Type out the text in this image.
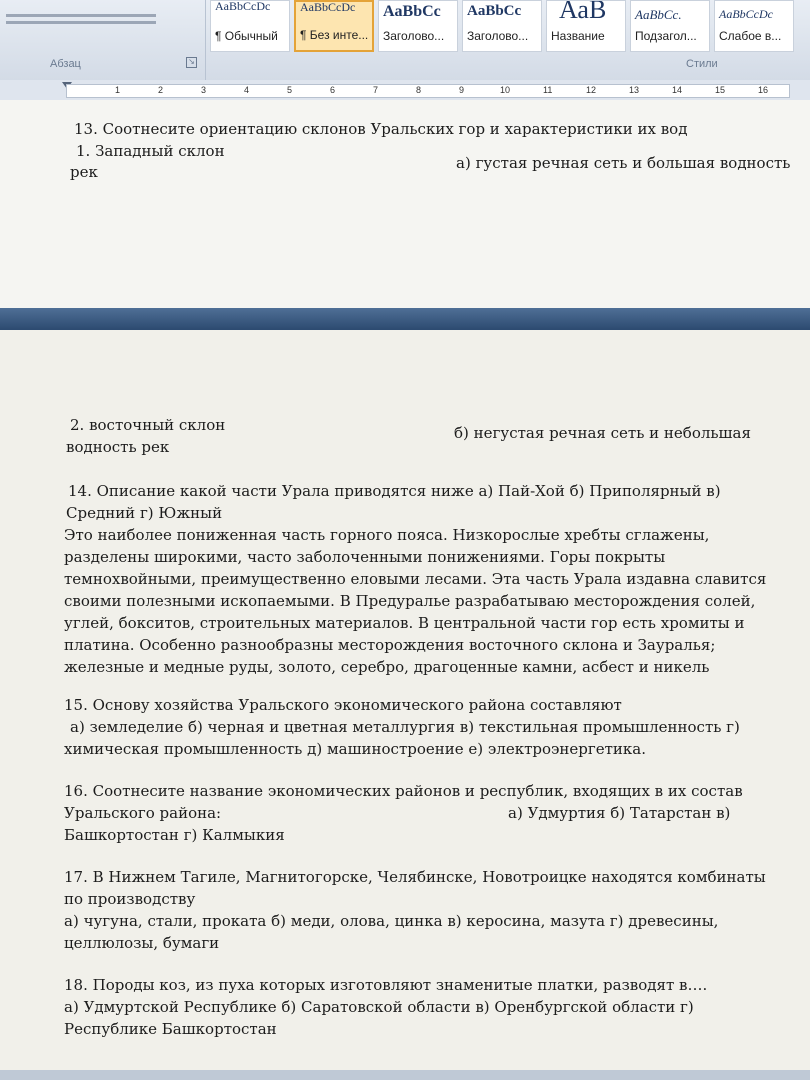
Абзац	↘
AaBbCcDc
¶ Обычный
AaBbCcDc
¶ Без инте...
AaBbCc
Заголово...
AaBbCc
Заголово...
АаВ
Название
AaBbCc.
Подзагол...
AaBbCcDc
Слабое в...
Стили
1	2	3	4	5	6	7	8	9	10	11	12	13	14	15	16
13. Соотнесите ориентацию склонов Уральских гор и характеристики их вод
1. Западный склон
а) густая речная сеть и большая водность
рек
2. восточный склон	б) негустая речная сеть и небольшая
водность рек
14. Описание какой части Урала приводятся ниже а) Пай-Хой б) Приполярный в)
Средний г) Южный

Это наиболее пониженная часть горного пояса. Низкорослые хребты сглажены, разделены широкими, часто заболоченными понижениями. Горы покрыты темнохвойными, преимущественно еловыми лесами. Эта часть Урала издавна славится своими полезными ископаемыми. В Предуралье разрабатываю месторождения солей, углей, бокситов, строительных материалов. В центральной части гор есть хромиты и платина. Особенно разнообразны месторождения восточного склона и Зауралья; железные и медные руды, золото, серебро, драгоценные камни, асбест и никель

15. Основу хозяйства Уральского экономического района составляют

а) земледелие б) черная и цветная металлургия в) текстильная промышленность г) химическая промышленность д) машиностроение е) электроэнергетика.

16. Соотнесите название экономических районов и республик, входящих в их состав

Уральского района:	а) Удмуртия б) Татарстан в)
Башкортостан г) Калмыкия

17. В Нижнем Тагиле, Магнитогорске, Челябинске, Новотроицке находятся комбинаты по производству

а) чугуна, стали, проката б) меди, олова, цинка в) керосина, мазута г) древесины, целлюлозы, бумаги

18. Породы коз, из пуха которых изготовляют знаменитые платки, разводят в….

а) Удмуртской Республике б) Саратовской области в) Оренбургской области г) Республике Башкортостан
